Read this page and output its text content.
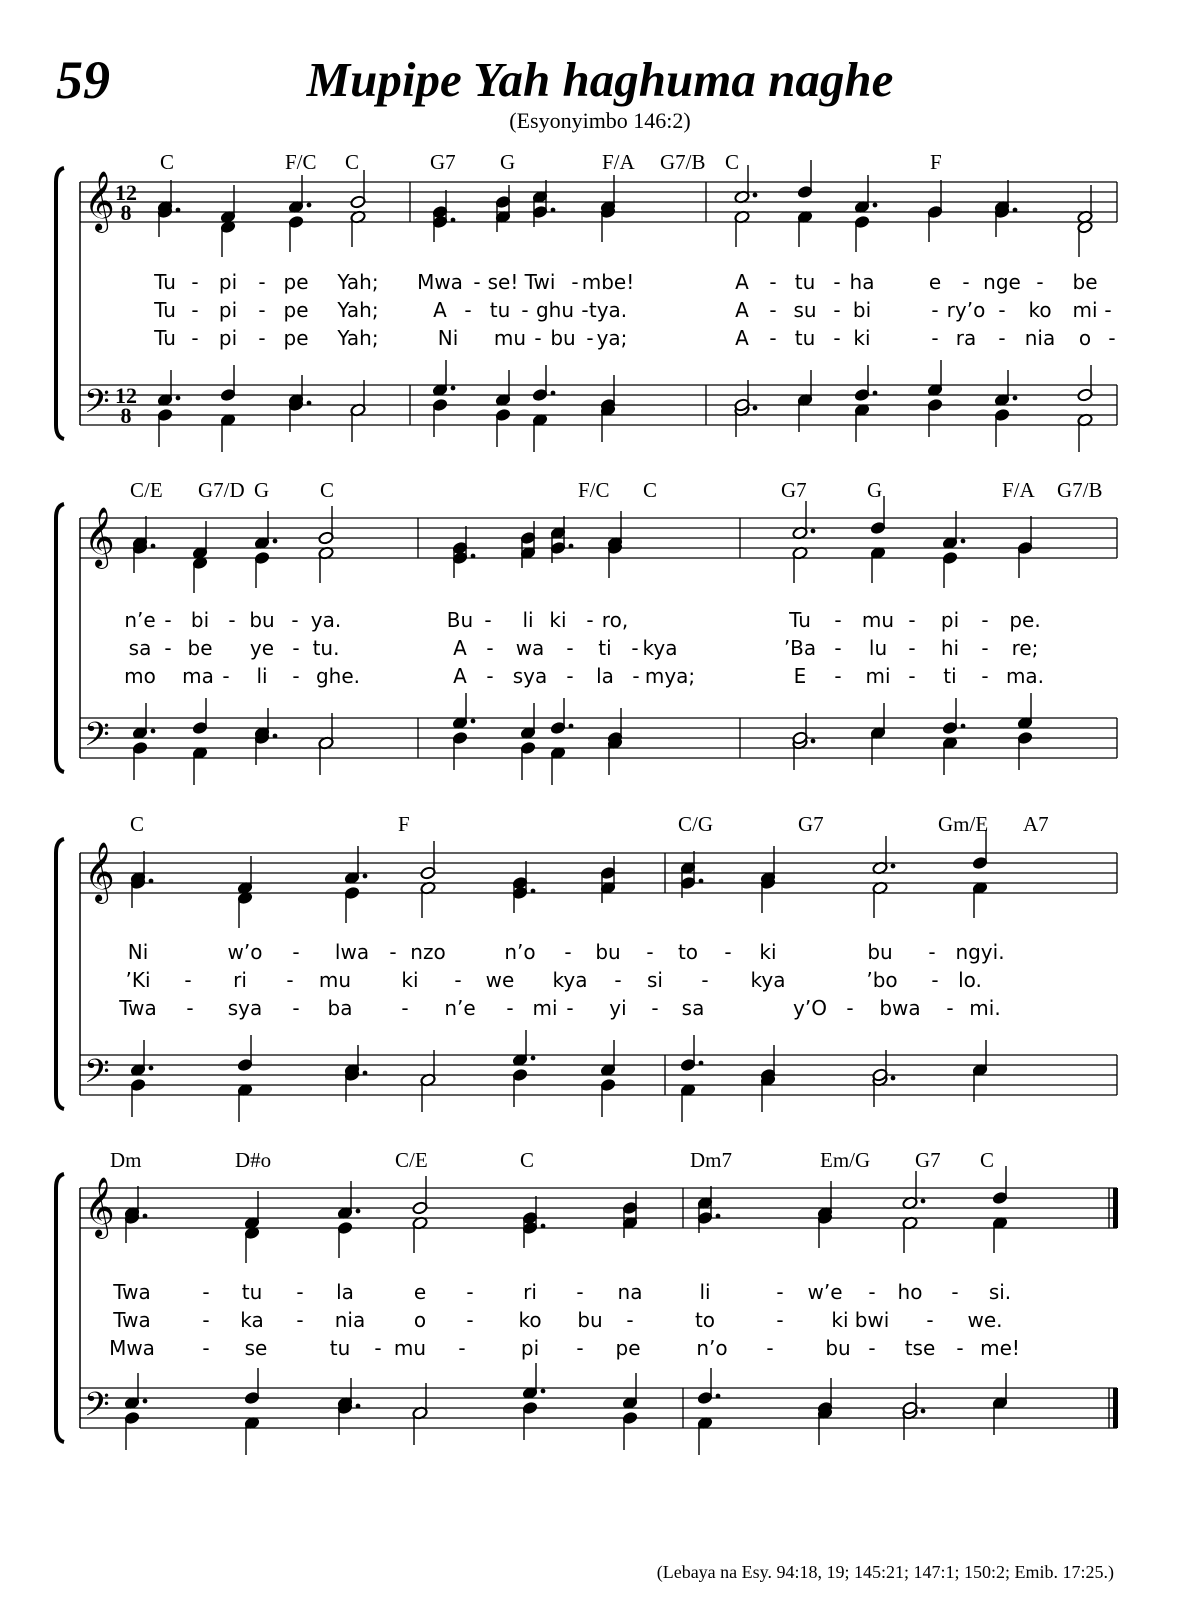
59	Mupipe Yah haghuma naghe
(Esyonyimbo 146:2)
C	F/C C	G7 G	F/A G7/B C	F
𝄞
𝄢
12
8
12
8
Tu - pi - pe Yah; Mwa - se! Twi - mbe!	A - tu - ha	e - nge - be
Tu - pi - pe Yah;	A - tu - ghu - tya.	A - su - bi	- ry’o - ko mi -
Tu - pi - pe Yah;	Ni mu - bu - ya;	A - tu - ki	- ra - nia o -
C/E G7/D G C	F/C C	G7	G	F/A G7/B
𝄞
𝄢
n’e - bi - bu - ya.	Bu - li ki - ro,	Tu - mu - pi - pe.
sa - be ye - tu.	A - wa - ti - kya	’Ba - lu - hi - re;
mo ma - li - ghe.	A - sya - la - mya;	E - mi - ti - ma.
C	F	C/G	G7	Gm/E A7
𝄞
𝄢
Ni	w’o - lwa - nzo	n’o - bu - to - ki	bu - ngyi.
’Ki - ri - mu	ki - we kya - si - kya	’bo - lo.
Twa - sya - ba - n’e - mi - yi - sa	y’O - bwa - mi.
Dm	D#o	C/E	C	Dm7	Em/G G7 C
𝄞
𝄢
Twa	- tu - la	e - ri - na	li	- w’e - ho - si.
Twa	- ka - nia o - ko bu -	to	- ki bwi - we.
Mwa - se	tu - mu -	pi - pe	n’o -	bu - tse - me!
(Lebaya na Esy. 94:18, 19; 145:21; 147:1; 150:2; Emib. 17:25.)
